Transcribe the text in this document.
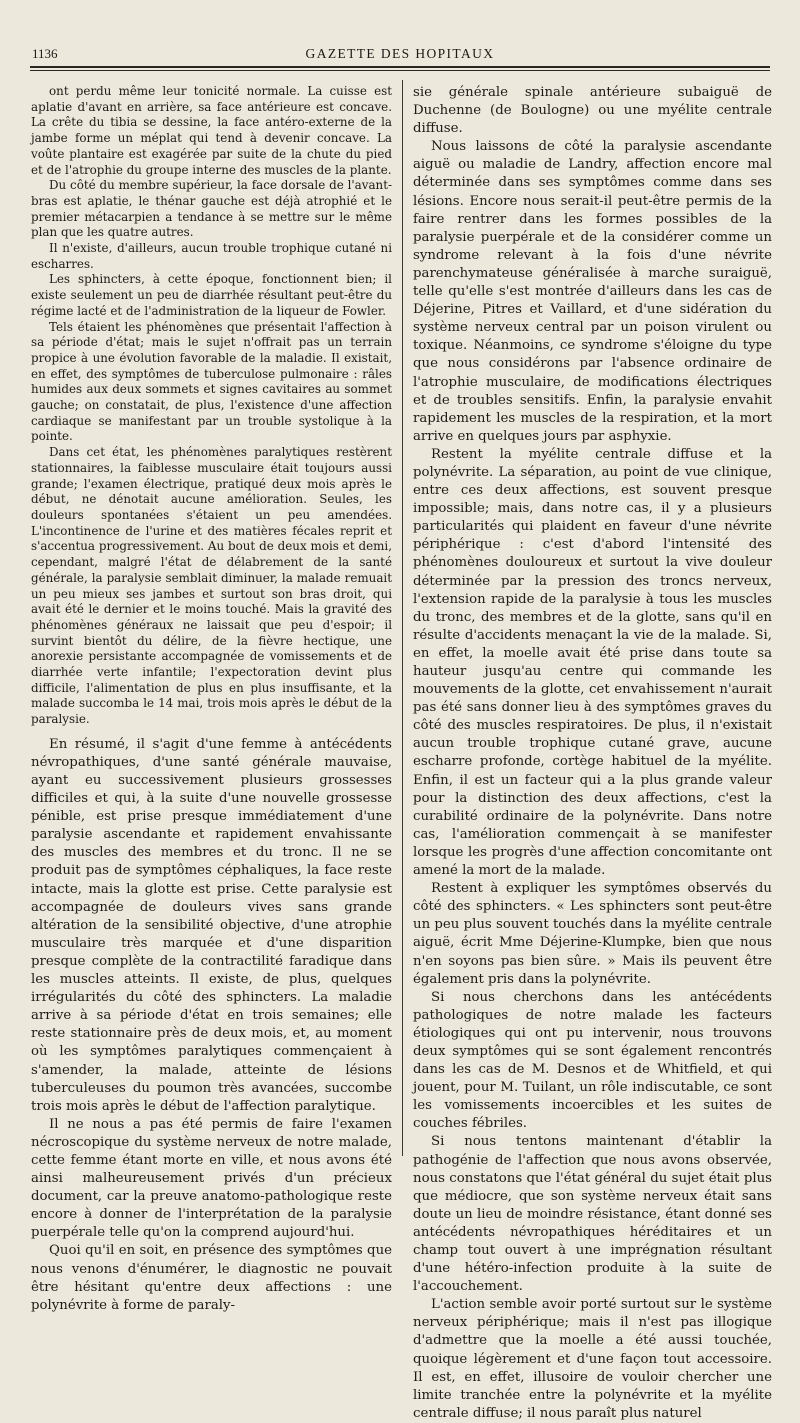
1136	GAZETTE DES HOPITAUX

ont perdu même leur tonicité normale. La cuisse est aplatie d'avant en arrière, sa face antérieure est concave. La crête du tibia se dessine, la face antéro-externe de la jambe forme un méplat qui tend à devenir concave. La voûte plantaire est exagérée par suite de la chute du pied et de l'atrophie du groupe interne des muscles de la plante.

Du côté du membre supérieur, la face dorsale de l'avant-bras est aplatie, le thénar gauche est déjà atrophié et le premier métacarpien a tendance à se mettre sur le même plan que les quatre autres.

Il n'existe, d'ailleurs, aucun trouble trophique cutané ni escharres.

Les sphincters, à cette époque, fonctionnent bien; il existe seulement un peu de diarrhée résultant peut-être du régime lacté et de l'administration de la liqueur de Fowler.

Tels étaient les phénomènes que présentait l'affection à sa période d'état; mais le sujet n'offrait pas un terrain propice à une évolution favorable de la maladie. Il existait, en effet, des symptômes de tuberculose pulmonaire : râles humides aux deux sommets et signes cavitaires au sommet gauche; on constatait, de plus, l'existence d'une affection cardiaque se manifestant par un trouble systolique à la pointe.

Dans cet état, les phénomènes paralytiques restèrent stationnaires, la faiblesse musculaire était toujours aussi grande; l'examen électrique, pratiqué deux mois après le début, ne dénotait aucune amélioration. Seules, les douleurs spontanées s'étaient un peu amendées. L'incontinence de l'urine et des matières fécales reprit et s'accentua progressivement. Au bout de deux mois et demi, cependant, malgré l'état de délabrement de la santé générale, la paralysie semblait diminuer, la malade remuait un peu mieux ses jambes et surtout son bras droit, qui avait été le dernier et le moins touché. Mais la gravité des phénomènes généraux ne laissait que peu d'espoir; il survint bientôt du délire, de la fièvre hectique, une anorexie persistante accompagnée de vomissements et de diarrhée verte infantile; l'expectoration devint plus difficile, l'alimentation de plus en plus insuffisante, et la malade succomba le 14 mai, trois mois après le début de la paralysie.

En résumé, il s'agit d'une femme à antécédents névropathiques, d'une santé générale mauvaise, ayant eu successivement plusieurs grossesses difficiles et qui, à la suite d'une nouvelle grossesse pénible, est prise presque immédiatement d'une paralysie ascendante et rapidement envahissante des muscles des membres et du tronc. Il ne se produit pas de symptômes céphaliques, la face reste intacte, mais la glotte est prise. Cette paralysie est accompagnée de douleurs vives sans grande altération de la sensibilité objective, d'une atrophie musculaire très marquée et d'une disparition presque complète de la contractilité faradique dans les muscles atteints. Il existe, de plus, quelques irrégularités du côté des sphincters. La maladie arrive à sa période d'état en trois semaines; elle reste stationnaire près de deux mois, et, au moment où les symptômes paralytiques commençaient à s'amender, la malade, atteinte de lésions tuberculeuses du poumon très avancées, succombe trois mois après le début de l'affection paralytique.

Il ne nous a pas été permis de faire l'examen nécroscopique du système nerveux de notre malade, cette femme étant morte en ville, et nous avons été ainsi malheureusement privés d'un précieux document, car la preuve anatomo-pathologique reste encore à donner de l'interprétation de la paralysie puerpérale telle qu'on la comprend aujourd'hui.

Quoi qu'il en soit, en présence des symptômes que nous venons d'énumérer, le diagnostic ne pouvait être hésitant qu'entre deux affections : une polynévrite à forme de paraly-

sie générale spinale antérieure subaiguë de Duchenne (de Boulogne) ou une myélite centrale diffuse.

Nous laissons de côté la paralysie ascendante aiguë ou maladie de Landry, affection encore mal déterminée dans ses symptômes comme dans ses lésions. Encore nous serait-il peut-être permis de la faire rentrer dans les formes possibles de la paralysie puerpérale et de la considérer comme un syndrome relevant à la fois d'une névrite parenchymateuse généralisée à marche suraiguë, telle qu'elle s'est montrée d'ailleurs dans les cas de Déjerine, Pitres et Vaillard, et d'une sidération du système nerveux central par un poison virulent ou toxique. Néanmoins, ce syndrome s'éloigne du type que nous considérons par l'absence ordinaire de l'atrophie musculaire, de modifications électriques et de troubles sensitifs. Enfin, la paralysie envahit rapidement les muscles de la respiration, et la mort arrive en quelques jours par asphyxie.

Restent la myélite centrale diffuse et la polynévrite. La séparation, au point de vue clinique, entre ces deux affections, est souvent presque impossible; mais, dans notre cas, il y a plusieurs particularités qui plaident en faveur d'une névrite périphérique : c'est d'abord l'intensité des phénomènes douloureux et surtout la vive douleur déterminée par la pression des troncs nerveux, l'extension rapide de la paralysie à tous les muscles du tronc, des membres et de la glotte, sans qu'il en résulte d'accidents menaçant la vie de la malade. Si, en effet, la moelle avait été prise dans toute sa hauteur jusqu'au centre qui commande les mouvements de la glotte, cet envahissement n'aurait pas été sans donner lieu à des symptômes graves du côté des muscles respiratoires. De plus, il n'existait aucun trouble trophique cutané grave, aucune escharre profonde, cortège habituel de la myélite. Enfin, il est un facteur qui a la plus grande valeur pour la distinction des deux affections, c'est la curabilité ordinaire de la polynévrite. Dans notre cas, l'amélioration commençait à se manifester lorsque les progrès d'une affection concomitante ont amené la mort de la malade.

Restent à expliquer les symptômes observés du côté des sphincters. « Les sphincters sont peut-être un peu plus souvent touchés dans la myélite centrale aiguë, écrit Mme Déjerine-Klumpke, bien que nous n'en soyons pas bien sûre. » Mais ils peuvent être également pris dans la polynévrite.

Si nous cherchons dans les antécédents pathologiques de notre malade les facteurs étiologiques qui ont pu intervenir, nous trouvons deux symptômes qui se sont également rencontrés dans les cas de M. Desnos et de Whitfield, et qui jouent, pour M. Tuilant, un rôle indiscutable, ce sont les vomissements incoercibles et les suites de couches fébriles.

Si nous tentons maintenant d'établir la pathogénie de l'affection que nous avons observée, nous constatons que l'état général du sujet était plus que médiocre, que son système nerveux était sans doute un lieu de moindre résistance, étant donné ses antécédents névropathiques héréditaires et un champ tout ouvert à une imprégnation résultant d'une hétéro-infection produite à la suite de l'accouchement.

L'action semble avoir porté surtout sur le système nerveux périphérique; mais il n'est pas illogique d'admettre que la moelle a été aussi touchée, quoique légèrement et d'une façon tout accessoire. Il est, en effet, illusoire de vouloir chercher une limite tranchée entre la polynévrite et la myélite centrale diffuse; il nous paraît plus naturel
